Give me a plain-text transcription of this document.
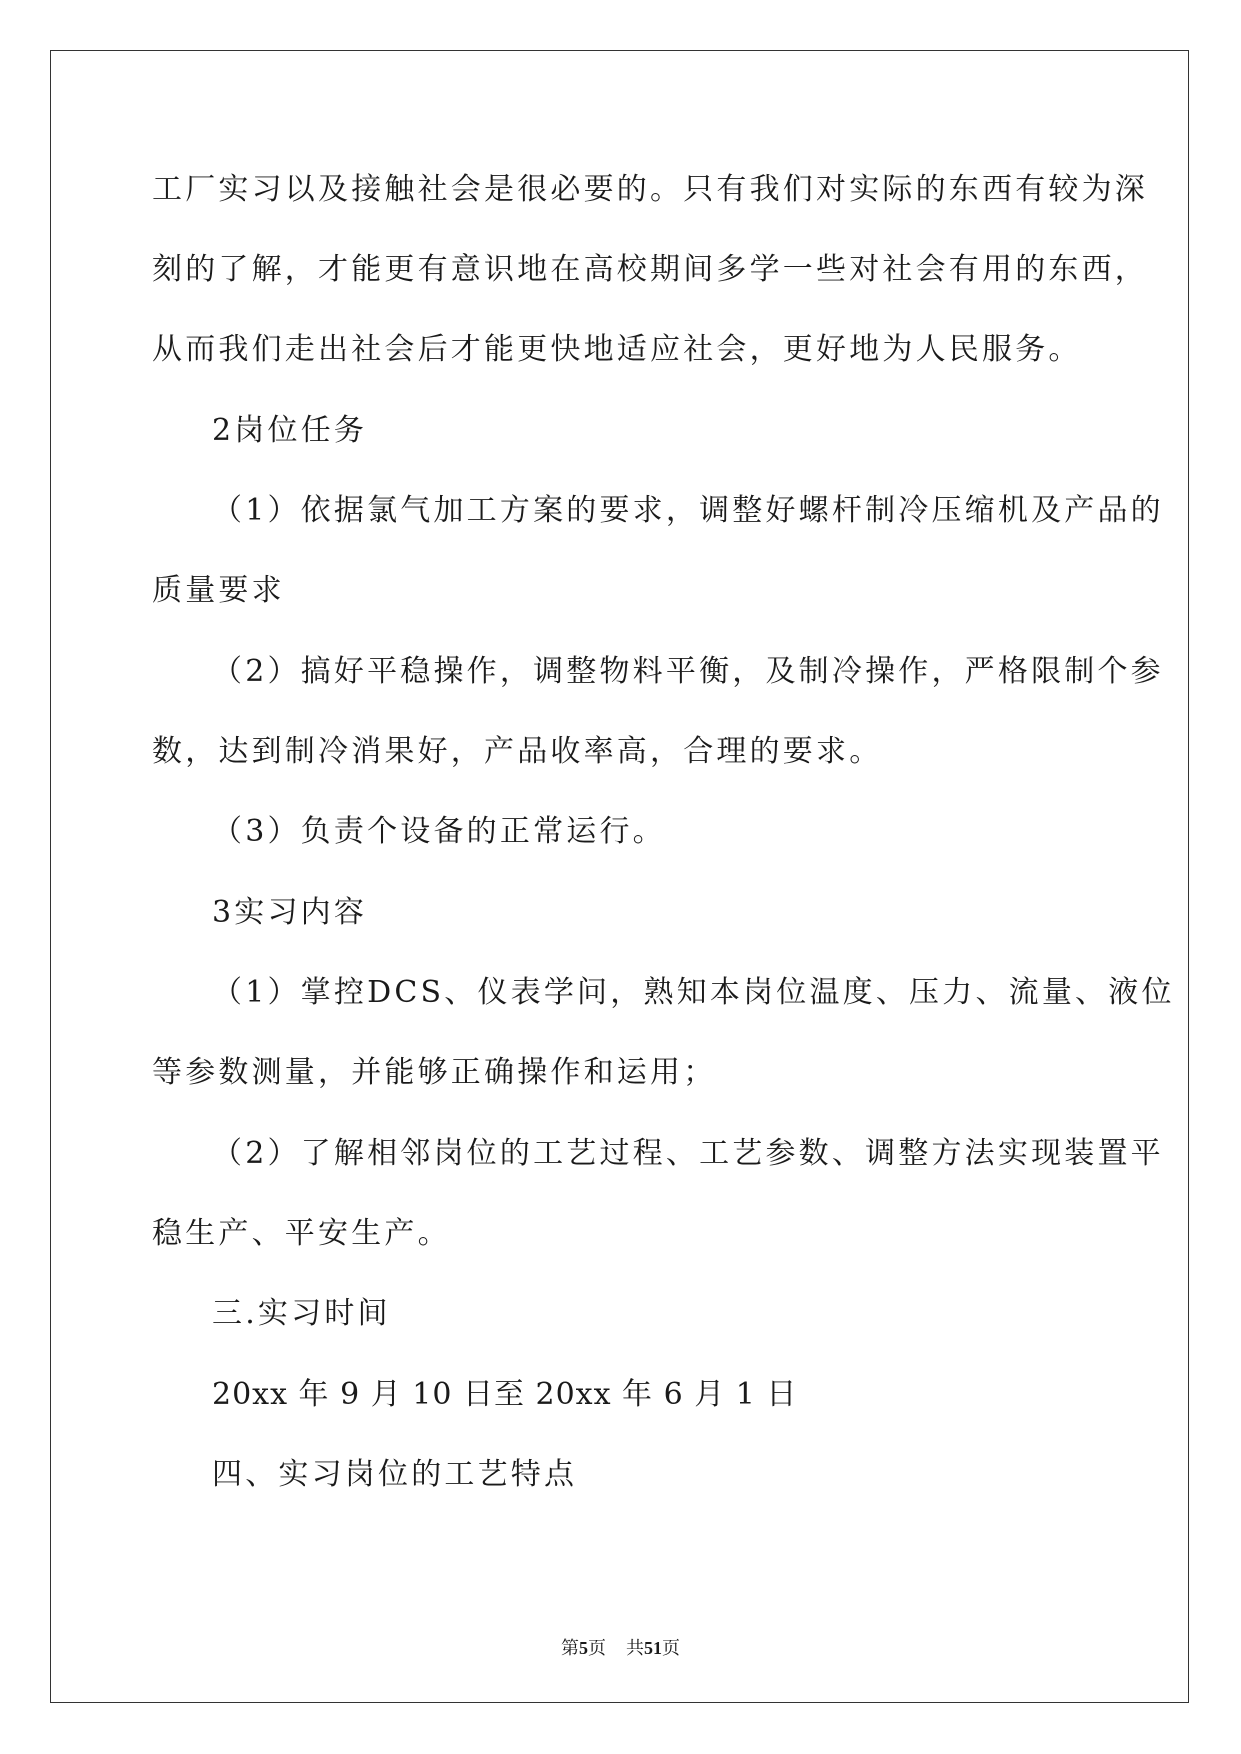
工厂实习以及接触社会是很必要的。只有我们对实际的东西有较为深
刻的了解，才能更有意识地在高校期间多学一些对社会有用的东西，
从而我们走出社会后才能更快地适应社会，更好地为人民服务。
2岗位任务
（1）依据氯气加工方案的要求，调整好螺杆制冷压缩机及产品的
质量要求
（2）搞好平稳操作，调整物料平衡，及制冷操作，严格限制个参
数，达到制冷消果好，产品收率高，合理的要求。
（3）负责个设备的正常运行。
3实习内容
（1）掌控DCS、仪表学问，熟知本岗位温度、压力、流量、液位
等参数测量，并能够正确操作和运用；
（2）了解相邻岗位的工艺过程、工艺参数、调整方法实现装置平
稳生产、平安生产。
三.实习时间
20xx 年 9 月 10 日至 20xx 年 6 月 1 日
四、实习岗位的工艺特点
第5页 共51页
